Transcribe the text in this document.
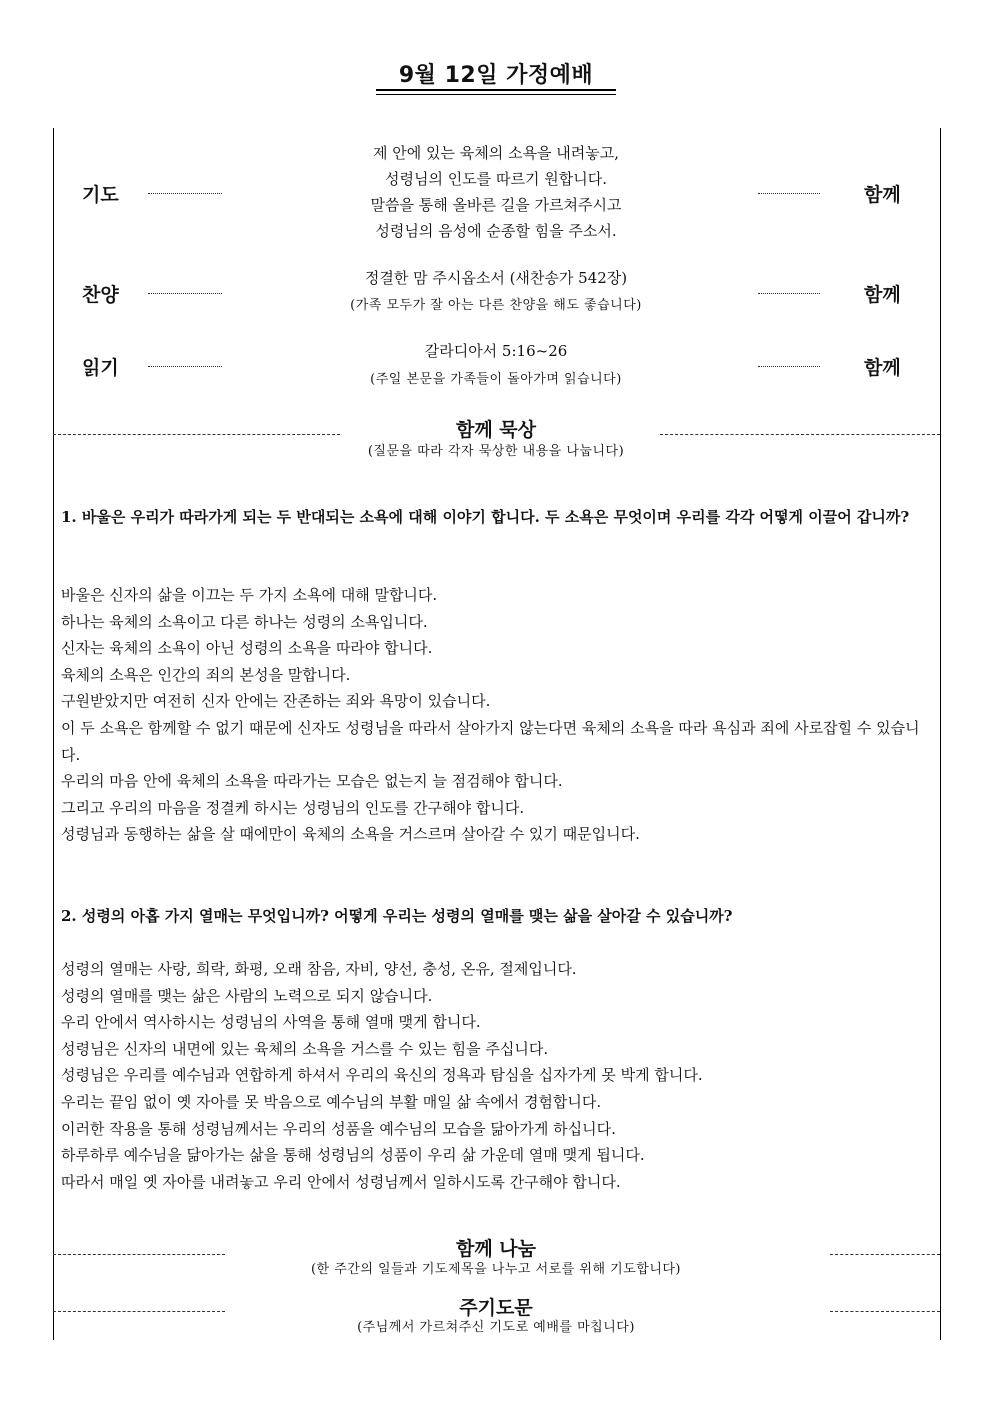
9월 12일 가정예배
기도
제 안에 있는 육체의 소욕을 내려놓고,
성령님의 인도를 따르기 원합니다.
말씀을 통해 올바른 길을 가르쳐주시고
성령님의 음성에 순종할 힘을 주소서.
함께
찬양
정결한 맘 주시옵소서 (새찬송가 542장)
(가족 모두가 잘 아는 다른 찬양을 해도 좋습니다)	함께
읽기
갈라디아서 5:16~26
(주일 본문을 가족들이 돌아가며 읽습니다)
함께
함께 묵상
(질문을 따라 각자 묵상한 내용을 나눕니다)
1. 바울은 우리가 따라가게 되는 두 반대되는 소욕에 대해 이야기 합니다. 두 소욕은 무엇이며 우리를 각각 어떻게 이끌어 갑니까?
바울은 신자의 삶을 이끄는 두 가지 소욕에 대해 말합니다.
하나는 육체의 소욕이고 다른 하나는 성령의 소욕입니다.
신자는 육체의 소욕이 아닌 성령의 소욕을 따라야 합니다.
육체의 소욕은 인간의 죄의 본성을 말합니다.
구원받았지만 여전히 신자 안에는 잔존하는 죄와 욕망이 있습니다.
이 두 소욕은 함께할 수 없기 때문에 신자도 성령님을 따라서 살아가지 않는다면 육체의 소욕을 따라 욕심과 죄에 사로잡힐 수 있습니다.
우리의 마음 안에 육체의 소욕을 따라가는 모습은 없는지 늘 점검해야 합니다.
그리고 우리의 마음을 정결케 하시는 성령님의 인도를 간구해야 합니다.
성령님과 동행하는 삶을 살 때에만이 육체의 소욕을 거스르며 살아갈 수 있기 때문입니다.
2. 성령의 아홉 가지 열매는 무엇입니까? 어떻게 우리는 성령의 열매를 맺는 삶을 살아갈 수 있습니까?
성령의 열매는 사랑, 희락, 화평, 오래 참음, 자비, 양선, 충성, 온유, 절제입니다.
성령의 열매를 맺는 삶은 사람의 노력으로 되지 않습니다.
우리 안에서 역사하시는 성령님의 사역을 통해 열매 맺게 합니다.
성령님은 신자의 내면에 있는 육체의 소욕을 거스를 수 있는 힘을 주십니다.
성령님은 우리를 예수님과 연합하게 하셔서 우리의 육신의 정욕과 탐심을 십자가게 못 박게 합니다.
우리는 끝임 없이 옛 자아를 못 박음으로 예수님의 부활 매일 삶 속에서 경험합니다.
이러한 작용을 통해 성령님께서는 우리의 성품을 예수님의 모습을 닮아가게 하십니다.
하루하루 예수님을 닮아가는 삶을 통해 성령님의 성품이 우리 삶 가운데 열매 맺게 됩니다.
따라서 매일 옛 자아를 내려놓고 우리 안에서 성령님께서 일하시도록 간구해야 합니다.
함께 나눔
(한 주간의 일들과 기도제목을 나누고 서로를 위해 기도합니다)
주기도문
(주님께서 가르쳐주신 기도로 예배를 마칩니다)
